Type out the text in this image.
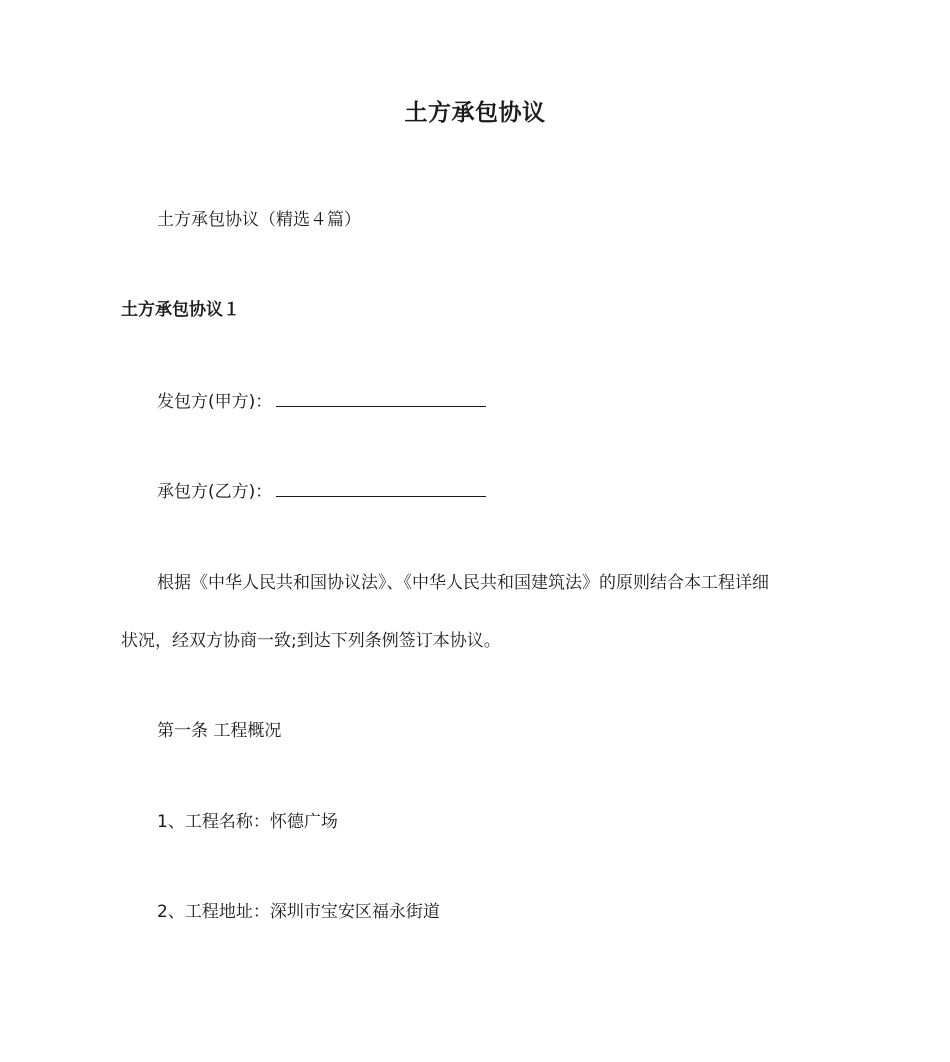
土方承包协议
土方承包协议（精选４篇）
土方承包协议１
发包方(甲方)：
承包方(乙方)：
根据《中华人民共和国协议法》、《中华人民共和国建筑法》的原则结合本工程详细
状况，经双方协商一致;到达下列条例签订本协议。
第一条 工程概况
1、工程名称：怀德广场
2、工程地址：深圳市宝安区福永街道
